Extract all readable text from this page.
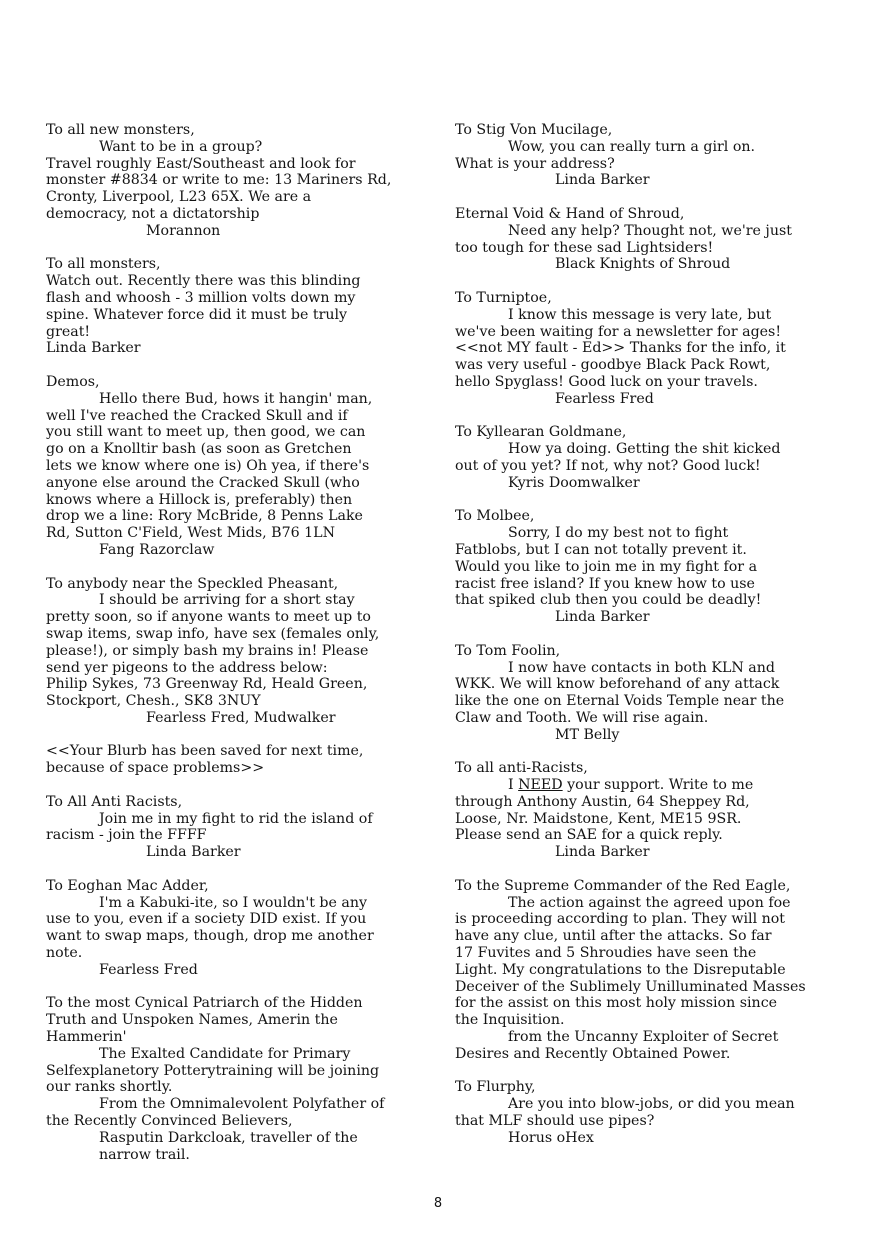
To all new monsters,
Want to be in a group?
Travel roughly East/Southeast and look for
monster #8834 or write to me: 13 Mariners Rd,
Cronty, Liverpool, L23 65X. We are a
democracy, not a dictatorship
Morannon
To all monsters,
Watch out. Recently there was this blinding
flash and whoosh - 3 million volts down my
spine. Whatever force did it must be truly
great!
Linda Barker
Demos,
Hello there Bud, hows it hangin' man,
well I've reached the Cracked Skull and if
you still want to meet up, then good, we can
go on a Knolltir bash (as soon as Gretchen
lets we know where one is) Oh yea, if there's
anyone else around the Cracked Skull (who
knows where a Hillock is, preferably) then
drop we a line: Rory McBride, 8 Penns Lake
Rd, Sutton C'Field, West Mids, B76 1LN
Fang Razorclaw
To anybody near the Speckled Pheasant,
I should be arriving for a short stay
pretty soon, so if anyone wants to meet up to
swap items, swap info, have sex (females only,
please!), or simply bash my brains in! Please
send yer pigeons to the address below:
Philip Sykes, 73 Greenway Rd, Heald Green,
Stockport, Chesh., SK8 3NUY
Fearless Fred, Mudwalker
<<Your Blurb has been saved for next time,
because of space problems>>
To All Anti Racists,
Join me in my fight to rid the island of
racism - join the FFFF
Linda Barker
To Eoghan Mac Adder,
I'm a Kabuki-ite, so I wouldn't be any
use to you, even if a society DID exist. If you
want to swap maps, though, drop me another
note.
Fearless Fred
To the most Cynical Patriarch of the Hidden
Truth and Unspoken Names, Amerin the
Hammerin'
The Exalted Candidate for Primary
Selfexplanetory Potterytraining will be joining
our ranks shortly.
From the Omnimalevolent Polyfather of
the Recently Convinced Believers,
Rasputin Darkcloak, traveller of the
narrow trail.
To Stig Von Mucilage,
Wow, you can really turn a girl on.
What is your address?
Linda Barker
Eternal Void & Hand of Shroud,
Need any help? Thought not, we're just
too tough for these sad Lightsiders!
Black Knights of Shroud
To Turniptoe,
I know this message is very late, but
we've been waiting for a newsletter for ages!
<<not MY fault - Ed>> Thanks for the info, it
was very useful - goodbye Black Pack Rowt,
hello Spyglass! Good luck on your travels.
Fearless Fred
To Kyllearan Goldmane,
How ya doing. Getting the shit kicked
out of you yet? If not, why not? Good luck!
Kyris Doomwalker
To Molbee,
Sorry, I do my best not to fight
Fatblobs, but I can not totally prevent it.
Would you like to join me in my fight for a
racist free island? If you knew how to use
that spiked club then you could be deadly!
Linda Barker
To Tom Foolin,
I now have contacts in both KLN and
WKK. We will know beforehand of any attack
like the one on Eternal Voids Temple near the
Claw and Tooth. We will rise again.
MT Belly
To all anti-Racists,
I NEED your support. Write to me
through Anthony Austin, 64 Sheppey Rd,
Loose, Nr. Maidstone, Kent, ME15 9SR.
Please send an SAE for a quick reply.
Linda Barker
To the Supreme Commander of the Red Eagle,
The action against the agreed upon foe
is proceeding according to plan. They will not
have any clue, until after the attacks. So far
17 Fuvites and 5 Shroudies have seen the
Light. My congratulations to the Disreputable
Deceiver of the Sublimely Unilluminated Masses
for the assist on this most holy mission since
the Inquisition.
from the Uncanny Exploiter of Secret
Desires and Recently Obtained Power.
To Flurphy,
Are you into blow-jobs, or did you mean
that MLF should use pipes?
Horus oHex
8
